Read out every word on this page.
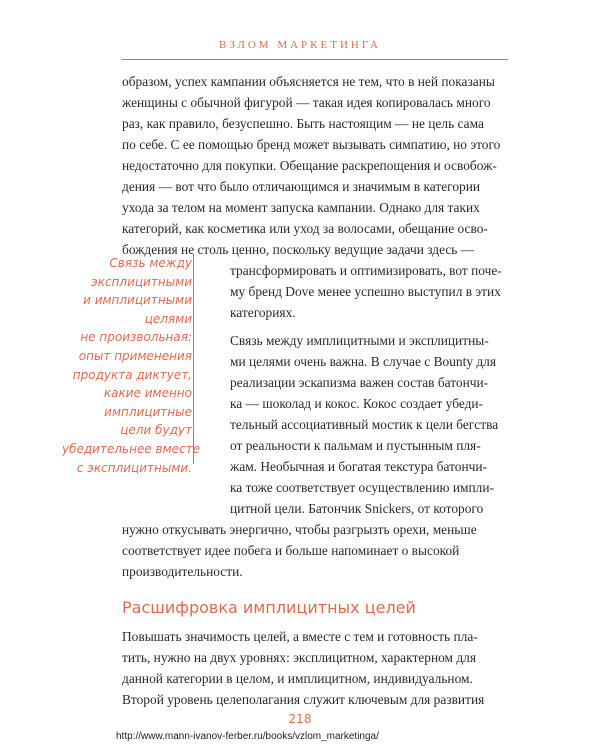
ВЗЛОМ МАРКЕТИНГА

образом, успех кампании объясняется не тем, что в ней показаны

женщины с обычной фигурой — такая идея копировалась много

раз, как правило, безуспешно. Быть настоящим — не цель сама

по себе. С ее помощью бренд может вызывать симпатию, но этого

недостаточно для покупки. Обещание раскрепощения и освобож-

дения — вот что было отличающимся и значимым в категории

ухода за телом на момент запуска кампании. Однако для таких

категорий, как косметика или уход за волосами, обещание осво-

бождения не столь ценно, поскольку ведущие задачи здесь —

трансформировать и оптимизировать, вот поче-

му бренд Dove менее успешно выступил в этих

категориях.

Связь между
эксплицитными
и имплицитными
целями
не произвольная:
опыт применения
продукта диктует,
какие именно
имплицитные
цели будут
убедительнее вместе
с эксплицитными.

Связь между имплицитными и эксплицитны-

ми целями очень важна. В случае с Bounty для

реализации эскапизма важен состав батончи-

ка — шоколад и кокос. Кокос создает убеди-

тельный ассоциативный мостик к цели бегства

от реальности к пальмам и пустынным пля-

жам. Необычная и богатая текстура батончи-

ка тоже соответствует осуществлению импли-

цитной цели. Батончик Snickers, от которого

нужно откусывать энергично, чтобы разгрызть орехи, меньше

соответствует идее побега и больше напоминает о высокой

производительности.

Расшифровка имплицитных целей

Повышать значимость целей, а вместе с тем и готовность пла-

тить, нужно на двух уровнях: эксплицитном, характерном для

данной категории в целом, и имплицитном, индивидуальном.

Второй уровень целеполагания служит ключевым для развития

218
http://www.mann-ivanov-ferber.ru/books/vzlom_marketinga/
